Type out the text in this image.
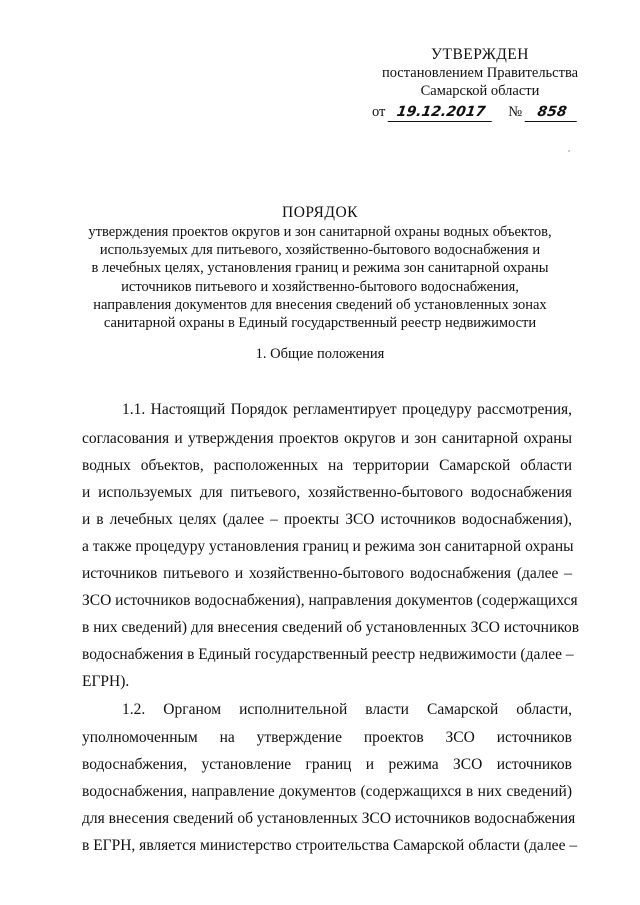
УТВЕРЖДЕН
постановлением Правительства
Самарской области
от 19.12.2017 № 858
ПОРЯДОК
утверждения проектов округов и зон санитарной охраны водных объектов,
используемых для питьевого, хозяйственно-бытового водоснабжения и
в лечебных целях, установления границ и режима зон санитарной охраны
источников питьевого и хозяйственно-бытового водоснабжения,
направления документов для внесения сведений об установленных зонах
санитарной охраны в Единый государственный реестр недвижимости
1. Общие положения
1.1. Настоящий Порядок регламентирует процедуру рассмотрения,
согласования и утверждения проектов округов и зон санитарной охраны
водных объектов, расположенных на территории Самарской области
и используемых для питьевого, хозяйственно-бытового водоснабжения
и в лечебных целях (далее – проекты ЗСО источников водоснабжения),
а также процедуру установления границ и режима зон санитарной охраны
источников питьевого и хозяйственно-бытового водоснабжения (далее –
ЗСО источников водоснабжения), направления документов (содержащихся
в них сведений) для внесения сведений об установленных ЗСО источников
водоснабжения в Единый государственный реестр недвижимости (далее –
ЕГРН).
1.2. Органом исполнительной власти Самарской области,
уполномоченным на утверждение проектов ЗСО источников
водоснабжения, установление границ и режима ЗСО источников
водоснабжения, направление документов (содержащихся в них сведений)
для внесения сведений об установленных ЗСО источников водоснабжения
в ЕГРН, является министерство строительства Самарской области (далее –
